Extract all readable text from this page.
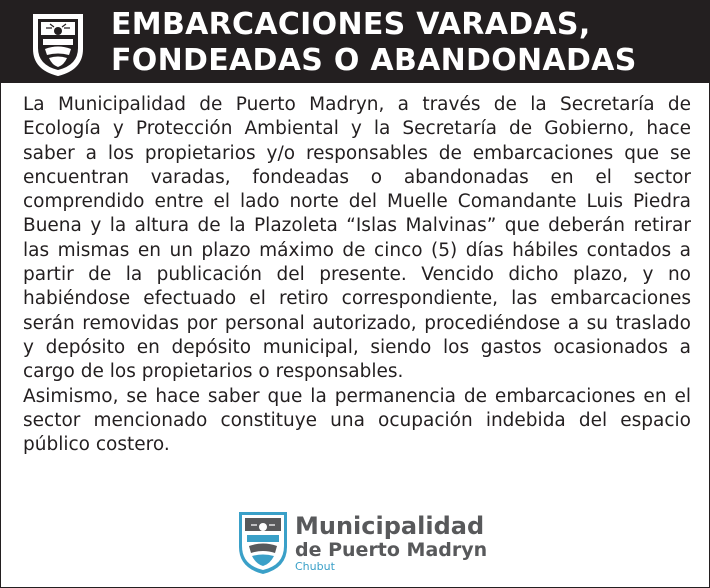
EMBARCACIONES VARADAS,
FONDEADAS O ABANDONADAS

La Municipalidad de Puerto Madryn, a través de la Secretaría de Ecología y Protección Ambiental y la Secretaría de Gobierno, hace saber a los propietarios y/o responsables de embarcaciones que se encuentran varadas, fondeadas o abandonadas en el sector comprendido entre el lado norte del Muelle Comandante Luis Piedra Buena y la altura de la Plazoleta “Islas Malvinas” que deberán retirar las mismas en un plazo máximo de cinco (5) días hábiles contados a partir de la publicación del presente. Vencido dicho plazo, y no habiéndose efectuado el retiro correspondiente, las embarcaciones serán removidas por personal autorizado, procediéndose a su traslado y depósito en depósito municipal, siendo los gastos ocasionados a cargo de los propietarios o responsables.

Asimismo, se hace saber que la permanencia de embarcaciones en el sector mencionado constituye una ocupación indebida del espacio público costero.

Municipalidad
de Puerto Madryn
Chubut
